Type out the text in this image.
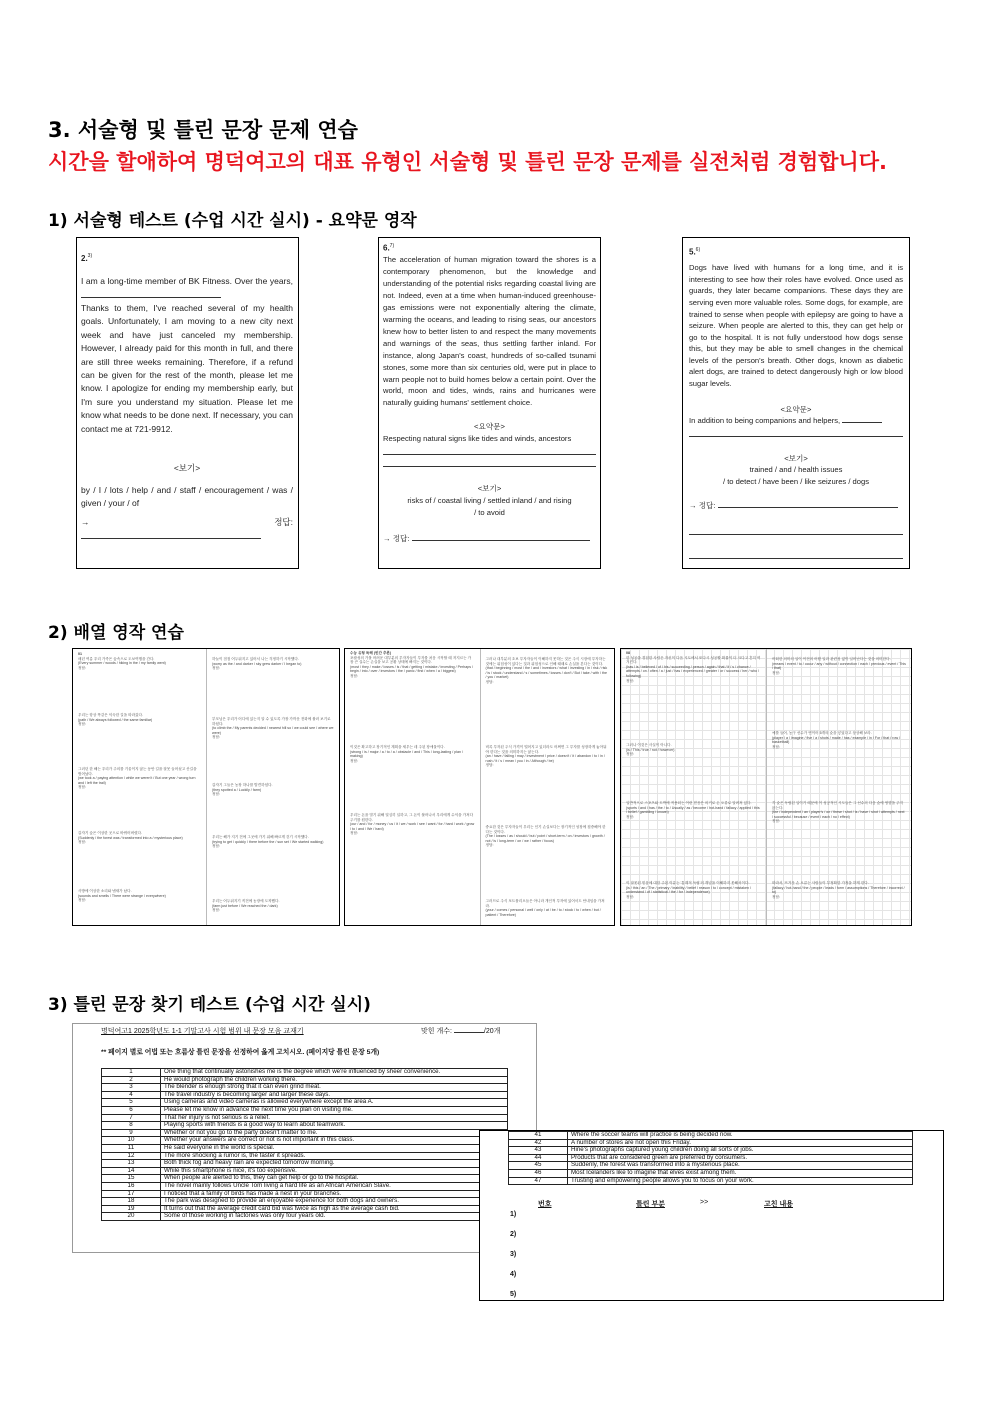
3. 서술형 및 틀린 문장 문제 연습
시간을 할애하여 명덕여고의 대표 유형인 서술형 및 틀린 문장 문제를 실전처럼 경험합니다.
1) 서술형 테스트 (수업 시간 실시) - 요약문 영작
2.$^{3)}$

I am a long-time member of BK Fitness. Over the years,

Thanks to them, I've reached several of my health goals. Unfortunately, I am moving to a new city next week and have just canceled my membership. However, I already paid for this month in full, and there are still three weeks remaining. Therefore, if a refund can be given for the rest of the month, please let me know. I apologize for ending my membership early, but I'm sure you understand my situation. Please let me know what needs to be done next. If necessary, you can contact me at 721-9912.

<보기>

by / I / lots / help / and / staff / encouragement / was / given / your / of

→ 정답:

6.$^{7)}$

The acceleration of human migration toward the shores is a contemporary phenomenon, but the knowledge and understanding of the potential risks regarding coastal living are not. Indeed, even at a time when human-induced greenhouse-gas emissions were not exponentially altering the climate, warming the oceans, and leading to rising seas, our ancestors knew how to better listen to and respect the many movements and warnings of the seas, thus settling farther inland. For instance, along Japan's coast, hundreds of so-called tsunami stones, some more than six centuries old, were put in place to warn people not to build homes below a certain point. Over the world, moon and tides, winds, rains and hurricanes were naturally guiding humans' settlement choice.

<요약문>

Respecting natural signs like tides and winds, ancestors

<보기>

risks of / coastal living / settled inland / and rising

/ to avoid

→ 정답:

5.$^{6)}$

Dogs have lived with humans for a long time, and it is interesting to see how their roles have evolved. Once used as guards, they later became companions. These days they are serving even more valuable roles. Some dogs, for example, are trained to sense when people with epilepsy are going to have a seizure. When people are alerted to this, they can get help or go to the hospital. It is not fully understood how dogs sense this, but they may be able to smell changes in the chemical levels of the person's breath. Other dogs, known as diabetic alert dogs, are trained to detect dangerously high or low blood sugar levels.

<요약문>

In addition to being companions and helpers,

<보기>

trained / and / health issues

/ to detect / have been / like seizures / dogs

→ 정답:

2) 배열 영작 연습
01
매년 여름 우리 가족은 숲속으로 도보여행을 간다.
(Every summer / woods / hiking in the / my family went)
정답:
우리는 항상 똑같은 익숙한 길을 따라갔다.
(path / We always followed / the same familiar)
정답:
그러던 한 해는 우리가 주의를 기울이지 않는 동안 길을 잘못 들어섰고 산길을 벗어났다.
(we took a / paying attention / while we weren't / But one year / wrong turn and / left the trail)
정답:
갑자기 숲은 이상한 곳으로 바뀌어버렸다.
(Suddenly / the forest was / transformed into a / mysterious place)
정답:
사방에 이상한 소리와 냄새가 났다.
(sounds and smells / There were strange / everywhere)
정답:
하늘이 점점 어두워지고 있어서 나는 걱정하기 시작했다.
(worry as the / and darker / sky grew darker / I began to)
정답:
부모님은 우리가 어디에 있는지 알 수 있도록 가장 가까운 전화에 불러 보기로 하셨다.
(to climb the / My parents decided / nearest hill so / we could see / where we were)
정답:
갑자기 그들은 농장 하나를 발견하셨다.
(they spotted a / Luckily / farm)
정답:
우리는 해가 지기 전에 그곳에 가기 위해 빠르게 걷기 시작했다.
(trying to get / quickly / there before the / sun set / We started walking)
정답:
우리는 어두워지기 직전에 농장에 도착했다.
(farm just before / We reached the / dark)
정답:
수능 유형 독해 (빈칸 추론)
포괄성의 가볼 어려운 대부분의 투자자들이 투자를 처음 시작할 때 저지르는 가장 큰 실수는 손실을 보고 공황 상태에 빠지는 것이다.
(most / they / make / losses / is / that / getting / mistake / investing / Perhaps / begin / into / over / investors / the / panic / first / when / a / biggest)
정답:
이것은 확고하고 장기적인 계획을 세우는 데 주된 장애물이다.
(strong / is / major / a / to / a / obstacle / and / This / long-lasting / plan / making)
정답:
우리는 돈을 벌기 위해 열심히 일하고, 그 돈이 불어나서 우리에게 수익을 가져다주기를 원한다.
(our / and / for / money / us / it / we / work / see / want / for / hard / work / grow / to / and / We / hard)
정답:
그러나 대부분의 초보 투자자들이 이해하지 못하는 것은 주식 시장에 투자하는 것에는 위험성이 있다는 것과 위험성으로 인해 때때로 손실을 본다는 것이다.
(that / beginning / most / the / and / investors / what / investing / in / risk / risk / is / stock / understand / s / sometimes / losses / don't / But / take / with / the / you / market)
정답:
비록 투자된 주식 가격이 떨어지고 있더라도 어쩌면 그 투자를 성장하게 놓아둬야 한다는 것을 의미하지는 않는다.
(an / have / falling / may / investment / price / doesn't / it / abandon / to / in / rush / it / s / mean / you / in / Although / be)
정답:
중요한 것은 투자자들이 우리는 인기 손실보다는 장기적인 성장에 집중해야 한다는 것이다.
(The / losses / as / should / but / point / short-term / on / investors / growth / not / is / long-term / on / we / rather / focus)
정답:
그러므로 주식 포트폴리오들은 아니라 개인적 투자에 있어서도 안내임을 가져라.
(your / comes / personal / well / only / at / be / to / stock / to / when / but / patient / Therefore)
08
한 성공을 경험한 사람은 자신이 다음 시도에서 또다시 성공할 확률이 더 크다고 흔히 여겨진다.
(has / is / believed / of / his / succeeding / person / again / that / it / s / chance / attempts / on / often / a / just / has / experienced / greater / or / success / her / who / following)
정답:
그러나 이것은 사실이 아니다.
(is / This / true / not / however)
정답:
일반적으로 스포츠와 도박에 적용되는 이런 믿음은 의거로 손 오류로 알려져 있다.
(sports / and / has / the / to / Usually / as / become / hot-hand / fallacy / applied / this / belief / gambling / known)
정답:
이 잘못된 믿음에 대한 주된 이유는 '통계적 독립'의 개념을 이해하지 못해서이다.
(is / this / an / The / primary / inability / belief / reason / to / concept / mistaken / understand / of / statistical / the / for / independence)
정답:
어떠한 의미의 일이 이전의 어떤 일과 관련성 없이 일어난다는 것을 의미한다.
(means / event / to / occur / any / without / connection / each / previous / event / This / that)
정답:
예를 들어, 농구 선수가 연이어 5개의 슛을 넣었다고 상상해 보라.
(player / a / imagine / five / a / shots / made / has / example / in / For / that / row / basketball)
정답:
각 슛은 독립된 일이기 때문에 이 성공적인 시도들은 그 선수의 다음 슛에 영향을 주지 않는다.
(the / independent / an / player's / on / these / shot / is / have / shot / attempts / next / successful / because / event / each / no / effect)
정답:
따라서, 뜨거운 손 오류는 사람들이 부정확한 가정을 하게 한다.
(fallacy / hot-hand / the / people / leads / form / assumptions / Therefore / incorrect / to)
정답:
3) 틀린 문장 찾기 테스트 (수업 시간 실시)
명덕여고1 2025학년도 1-1 기말고사 시험 범위 내 문장 모음 교재기	맞힌 개수:	/20개
** 페이지 별로 어법 또는 흐름상 틀린 문장을 선정하여 옳게 고치시오. (페이지당 틀린 문장 5개)
1	One thing that continually astonishes me is the degree which we're influenced by sheer convenience.
2	He would photograph the children working there.
3	The blender is enough strong that it can even grind meat.
4	The travel industry is becoming larger and larger these days.
5	Using cameras and video cameras is allowed everywhere except the area A.
6	Please let me know in advance the next time you plan on visiting me.
7	That her injury is not serious is a relief.
8	Playing sports with friends is a good way to learn about teamwork.
9	Whether or not you go to the party doesn't matter to me.
10	Whether your answers are correct or not is not important in this class.
11	He said everyone in the world is special.
12	The more shocking a rumor is, the faster it spreads.
13	Both thick fog and heavy rain are expected tomorrow morning.
14	While this smartphone is nice, it's too expensive.
15	When people are alerted to this, they can get help or go to the hospital.
16	The novel mainly follows Uncle Tom living a hard life as an African American Slave.
17	I noticed that a family of birds has made a nest in your branches.
18	The park was designed to provide an enjoyable experience for both dogs and owners.
19	It turns out that the average credit card bid was twice as high as the average cash bid.
20	Some of those working in factories was only four years old.
41	Where the soccer teams will practice is being decided now.
42	A number of stores are not open this Friday.
43	Hine's photographs captured young children doing all sorts of jobs.
44	Products that are considered green are preferred by consumers.
45	Suddenly, the forest was transformed into a mysterious place.
46	Most Icelanders like to imagine that elves exist among them.
47	Trusting and empowering people allows you to focus on your work.
번호	틀린 부분	>>	고친 내용
1)
2)
3)
4)
5)
